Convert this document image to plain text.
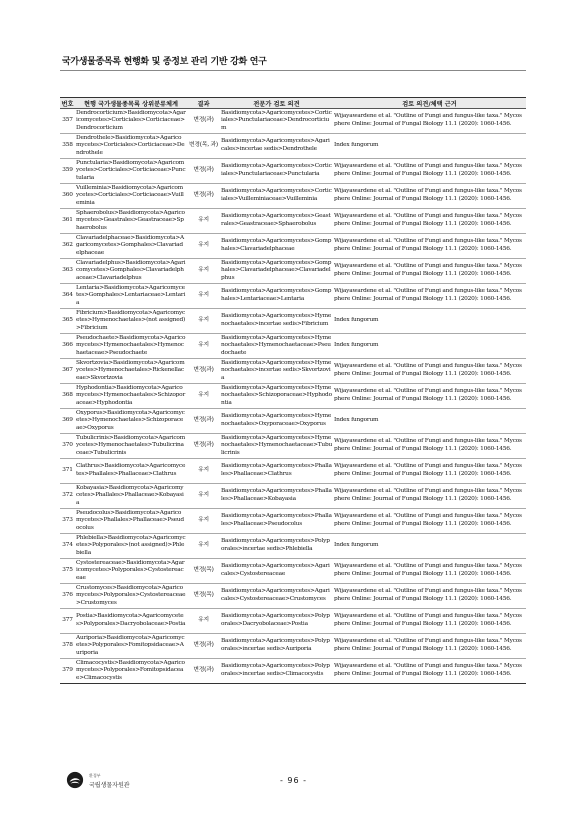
국가생물종목록 현행화 및 종정보 관리 기반 강화 연구
번호	현행 국가생물종목록 상위분류체계	결과	전문가 검토 의견	검토 의견/체택 근거
357	Dendrocorticium>Basidiomycota>Agaricomycetes>Corticiales>Corticiaceae>Dendrocorticium	변경(과)	Basidiomycota>Agaricomycetes>Corticiales>Punctulariaceae>Dendrocorticium	Wijayawardene et al. "Outline of Fungi and fungus-like taxa." Mycosphere Online: Journal of Fungal Biology 11.1 (2020): 1060-1456.
358	Dendrothele>Basidiomycota>Agaricomycetes>Corticiales>Corticiaceae>Dendrothele	변경(목, 과)	Basidiomycota>Agaricomycetes>Agaricales>incertae sedis>Dendrothele	Index fungorum
359	Punctularia>Basidiomycota>Agaricomycetes>Corticiales>Corticiaceae>Punctularia	변경(과)	Basidiomycota>Agaricomycetes>Corticiales>Punctulariaceae>Punctularia	Wijayawardene et al. "Outline of Fungi and fungus-like taxa." Mycosphere Online: Journal of Fungal Biology 11.1 (2020): 1060-1456.
360	Vuilleminia>Basidiomycota>Agaricomycetes>Corticiales>Corticiaceae>Vuilleminia	변경(과)	Basidiomycota>Agaricomycetes>Corticiales>Vuilleminiaceae>Vuilleminia	Wijayawardene et al. "Outline of Fungi and fungus-like taxa." Mycosphere Online: Journal of Fungal Biology 11.1 (2020): 1060-1456.
361	Sphaerobolus>Basidiomycota>Agaricomycetes>Geastrales>Geastraceae>Sphaerobolus	유지	Basidiomycota>Agaricomycetes>Geastrales>Geastraceae>Sphaerobolus	Wijayawardene et al. "Outline of Fungi and fungus-like taxa." Mycosphere Online: Journal of Fungal Biology 11.1 (2020): 1060-1456.
362	Clavariadelphaceae>Basidiomycota>Agaricomycetes>Gomphales>Clavariadelphaceae	유지	Basidiomycota>Agaricomycetes>Gomphales>Clavariadelphaceae	Wijayawardene et al. "Outline of Fungi and fungus-like taxa." Mycosphere Online: Journal of Fungal Biology 11.1 (2020): 1060-1456.
363	Clavariadelphus>Basidiomycota>Agaricomycetes>Gomphales>Clavariadelphaceae>Clavariadelphus	유지	Basidiomycota>Agaricomycetes>Gomphales>Clavariadelphaceae>Clavariadelphus	Wijayawardene et al. "Outline of Fungi and fungus-like taxa." Mycosphere Online: Journal of Fungal Biology 11.1 (2020): 1060-1456.
364	Lentaria>Basidiomycota>Agaricomycetes>Gomphales>Lentariaceae>Lentaria	유지	Basidiomycota>Agaricomycetes>Gomphales>Lentariaceae>Lentaria	Wijayawardene et al. "Outline of Fungi and fungus-like taxa." Mycosphere Online: Journal of Fungal Biology 11.1 (2020): 1060-1456.
365	Fibricium>Basidiomycota>Agaricomycetes>Hymenochaetales>(not assigned)>Fibricium	유지	Basidiomycota>Agaricomycetes>Hymenochaetales>incertae sedis>Fibricium	Index fungorum
366	Pseudochaete>Basidiomycota>Agaricomycetes>Hymenochaetales>Hymenochaetaceae>Pseudochaete	유지	Basidiomycota>Agaricomycetes>Hymenochaetales>Hymenochaetaceae>Pseudochaete	Index fungorum
367	Skvortzovia>Basidiomycota>Agaricomycetes>Hymenochaetales>Rickenellaceae>Skvortzovia	변경(과)	Basidiomycota>Agaricomycetes>Hymenochaetales>incertae sedis>Skvortzovia	Wijayawardene et al. "Outline of Fungi and fungus-like taxa." Mycosphere Online: Journal of Fungal Biology 11.1 (2020): 1060-1456.
368	Hyphodontia>Basidiomycota>Agaricomycetes>Hymenochaetales>Schizoporaceae>Hyphodontia	유지	Basidiomycota>Agaricomycetes>Hymenochaetales>Schizoporaceae>Hyphodontia	Wijayawardene et al. "Outline of Fungi and fungus-like taxa." Mycosphere Online: Journal of Fungal Biology 11.1 (2020): 1060-1456.
369	Oxyporus>Basidiomycota>Agaricomycetes>Hymenochaetales>Schizoporaceae>Oxyporus	변경(과)	Basidiomycota>Agaricomycetes>Hymenochaetales>Oxyporaceae>Oxyporus	Index fungorum
370	Tubulicrinis>Basidiomycota>Agaricomycetes>Hymenochaetales>Tubulicrinaceae>Tubulicrinis	변경(과)	Basidiomycota>Agaricomycetes>Hymenochaetales>Hymenochaetaceae>Tubulicrinis	Wijayawardene et al. "Outline of Fungi and fungus-like taxa." Mycosphere Online: Journal of Fungal Biology 11.1 (2020): 1060-1456.
371	Clathrus>Basidiomycota>Agaricomycetes>Phallales>Phallaceae>Clathrus	유지	Basidiomycota>Agaricomycetes>Phallales>Phallaceae>Clathrus	Wijayawardene et al. "Outline of Fungi and fungus-like taxa." Mycosphere Online: Journal of Fungal Biology 11.1 (2020): 1060-1456.
372	Kobayasia>Basidiomycota>Agaricomycetes>Phallales>Phallaceae>Kobayasia	유지	Basidiomycota>Agaricomycetes>Phallales>Phallaceae>Kobayasia	Wijayawardene et al. "Outline of Fungi and fungus-like taxa." Mycosphere Online: Journal of Fungal Biology 11.1 (2020): 1060-1456.
373	Pseudocolus>Basidiomycota>Agaricomycetes>Phallales>Phallaceae>Pseudocolus	유지	Basidiomycota>Agaricomycetes>Phallales>Phallaceae>Pseudocolus	Wijayawardene et al. "Outline of Fungi and fungus-like taxa." Mycosphere Online: Journal of Fungal Biology 11.1 (2020): 1060-1456.
374	Phlebiella>Basidiomycota>Agaricomycetes>Polyporales>(not assigned)>Phlebiella	유지	Basidiomycota>Agaricomycetes>Polyporales>incertae sedis>Phlebiella	Index fungorum
375	Cystostereaceae>Basidiomycota>Agaricomycetes>Polyporales>Cystostereaceae	변경(목)	Basidiomycota>Agaricomycetes>Agaricales>Cystostereaceae	Wijayawardene et al. "Outline of Fungi and fungus-like taxa." Mycosphere Online: Journal of Fungal Biology 11.1 (2020): 1060-1456.
376	Crustomyces>Basidiomycota>Agaricomycetes>Polyporales>Cystostereaceae>Crustomyces	변경(목)	Basidiomycota>Agaricomycetes>Agaricales>Cystostereaceae>Crustomyces	Wijayawardene et al. "Outline of Fungi and fungus-like taxa." Mycosphere Online: Journal of Fungal Biology 11.1 (2020): 1060-1456.
377	Postia>Basidiomycota>Agaricomycetes>Polyporales>Dacryobolaceae>Postia	유지	Basidiomycota>Agaricomycetes>Polyporales>Dacryobolaceae>Postia	Wijayawardene et al. "Outline of Fungi and fungus-like taxa." Mycosphere Online: Journal of Fungal Biology 11.1 (2020): 1060-1456.
378	Auriporia>Basidiomycota>Agaricomycetes>Polyporales>Fomitopsidaceae>Auriporia	변경(과)	Basidiomycota>Agaricomycetes>Polyporales>incertae sedis>Auriporia	Wijayawardene et al. "Outline of Fungi and fungus-like taxa." Mycosphere Online: Journal of Fungal Biology 11.1 (2020): 1060-1456.
379	Climacocystis>Basidiomycota>Agaricomycetes>Polyporales>Fomitopsidaceae>Climacocystis	변경(과)	Basidiomycota>Agaricomycetes>Polyporales>incertae sedis>Climacocystis	Wijayawardene et al. "Outline of Fungi and fungus-like taxa." Mycosphere Online: Journal of Fungal Biology 11.1 (2020): 1060-1456.
환경부
국립생물자원관
- 96 -
